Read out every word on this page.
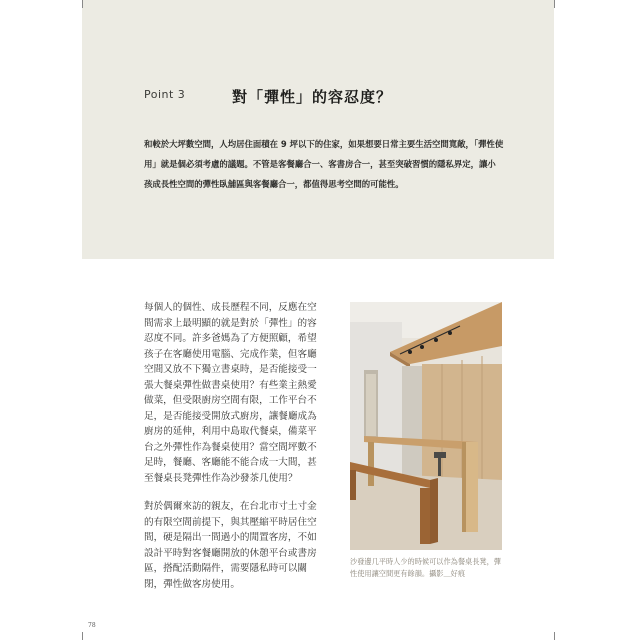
Point 3	對「彈性」的容忍度？

和較於大坪數空間，人均居住面積在 9 坪以下的住家，如果想要日常主要生活空間寬敞，「彈性使用」就是個必須考慮的議題。不管是客餐廳合一、客書房合一，甚至突破習慣的隱私界定，讓小孩成長性空間的彈性臥舖區與客餐廳合一，都值得思考空間的可能性。

每個人的個性、成長歷程不同，反應在空間需求上最明顯的就是對於「彈性」的容忍度不同。許多爸媽為了方便照顧，希望孩子在客廳使用電腦、完成作業，但客廳空間又放不下獨立書桌時，是否能接受一張大餐桌彈性做書桌使用？有些業主熱愛做菜，但受限廚房空間有限，工作平台不足，是否能接受開放式廚房，讓餐廳成為廚房的延伸，利用中島取代餐桌，備菜平台之外彈性作為餐桌使用？當空間坪數不足時，餐廳、客廳能不能合成一大間，甚至餐桌長凳彈性作為沙發茶几使用？

對於偶爾來訪的親友，在台北市寸土寸金的有限空間前提下，與其壓縮平時居住空間，硬是隔出一間過小的閒置客房，不如設計平時對客餐廳開放的休憩平台或書房區，搭配活動隔件，需要隱私時可以關閉，彈性做客房使用。

沙發邊几平時人少的時候可以作為餐桌長凳，彈性使用讓空間更有餘韻。攝影＿好痕
78
